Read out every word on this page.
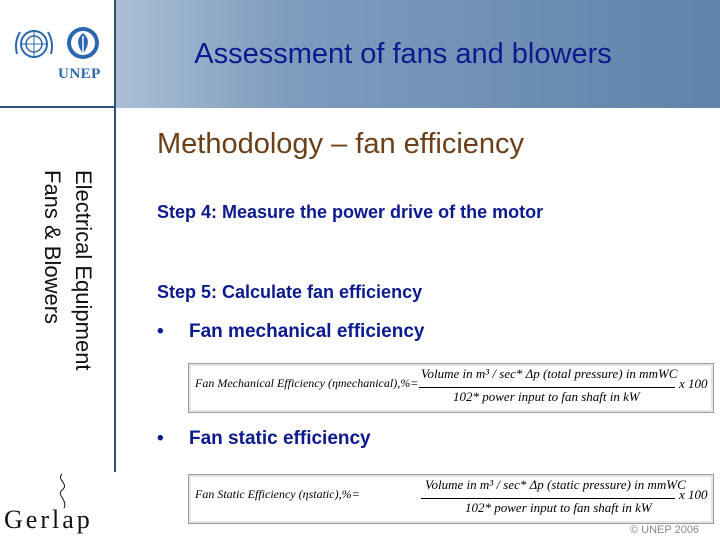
UNEP
Assessment of fans and blowers
Electrical Equipment
Fans & Blowers
Gerlap
Methodology – fan efficiency
Step 4: Measure the power drive of the motor
Step 5: Calculate fan efficiency
• Fan mechanical efficiency
Fan Mechanical Efficiency (ηmechanical),%=
Volume in m³ / sec* Δp (total pressure) in mmWC
102* power input to fan shaft in kW
x 100
• Fan static efficiency
Fan Static Efficiency (ηstatic),%=
Volume in m³ / sec* Δp (static pressure) in mmWC
102* power input to fan shaft in kW
x 100
© UNEP 2006
